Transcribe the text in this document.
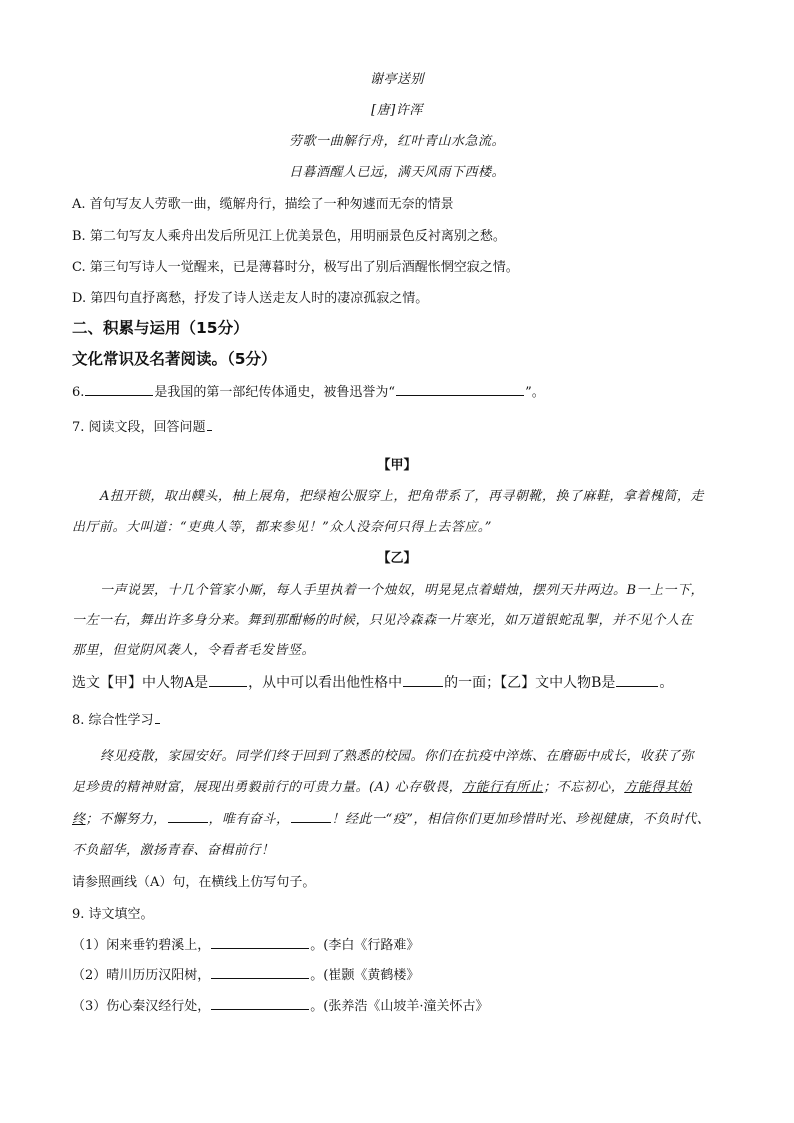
谢亭送别
[唐]许浑
劳歌一曲解行舟，红叶青山水急流。
日暮酒醒人已远，满天风雨下西楼。
A. 首句写友人劳歌一曲，缆解舟行，描绘了一种匆遽而无奈的情景
B. 第二句写友人乘舟出发后所见江上优美景色，用明丽景色反衬离别之愁。
C. 第三句写诗人一觉醒来，已是薄暮时分，极写出了别后酒醒怅惘空寂之情。
D. 第四句直抒离愁，抒发了诗人送走友人时的凄凉孤寂之情。
二、积累与运用（15分）
文化常识及名著阅读。（5分）
6.	是我国的第一部纪传体通史，被鲁迅誉为“	”。
7. 阅读文段，回答问题
【甲】
A扭开锁，取出幞头，柚上展角，把绿袍公服穿上，把角带系了，再寻朝靴，换了麻鞋，拿着槐简，走
出厅前。大叫道：“吏典人等，都来参见！”众人没奈何只得上去答应。”
【乙】
一声说罢，十几个管家小厮，每人手里执着一个烛奴，明晃晃点着蜡烛，摆列天井两边。B一上一下，
一左一右，舞出许多身分来。舞到那酣畅的时候，只见冷森森一片寒光，如万道银蛇乱掣，并不见个人在
那里，但觉阴风袭人，令看者毛发皆竖。
选文【甲】中人物A是	，从中可以看出他性格中	的一面；【乙】文中人物B是	。
8. 综合性学习
终见疫散，家园安好。同学们终于回到了熟悉的校园。你们在抗疫中淬炼、在磨砺中成长，收获了弥
足珍贵的精神财富，展现出勇毅前行的可贵力量。(A) 心存敬畏，方能行有所止；不忘初心，方能得其始
终；不懈努力，	，唯有奋斗，	！经此一“疫”，相信你们更加珍惜时光、珍视健康，不负时代、
不负韶华，激扬青春、奋楫前行！
请参照画线（A）句，在横线上仿写句子。
9. 诗文填空。
（1）闲来垂钓碧溪上，	。(李白《行路难》
（2）晴川历历汉阳树，	。(崔颢《黄鹤楼》
（3）伤心秦汉经行处，	。(张养浩《山坡羊·潼关怀古》
